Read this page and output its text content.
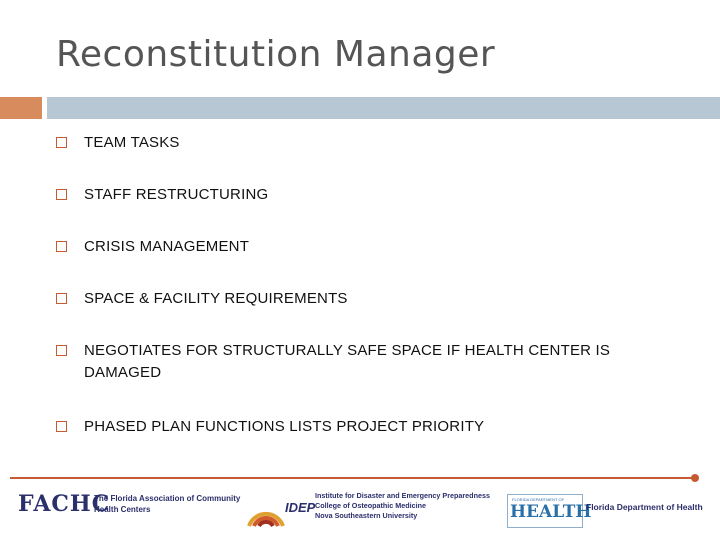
Reconstitution Manager
TEAM TASKS
STAFF RESTRUCTURING
CRISIS MANAGEMENT
SPACE & FACILITY REQUIREMENTS
NEGOTIATES FOR STRUCTURALLY SAFE SPACE IF HEALTH CENTER IS DAMAGED
PHASED PLAN FUNCTIONS LISTS PROJECT PRIORITY
FACHC
The Florida Association of Community
Health Centers	IDEP
Institute for Disaster and Emergency Preparedness
College of Osteopathic Medicine
Nova Southeastern University
FLORIDA DEPARTMENT OF
HEALTH
Florida Department of Health
